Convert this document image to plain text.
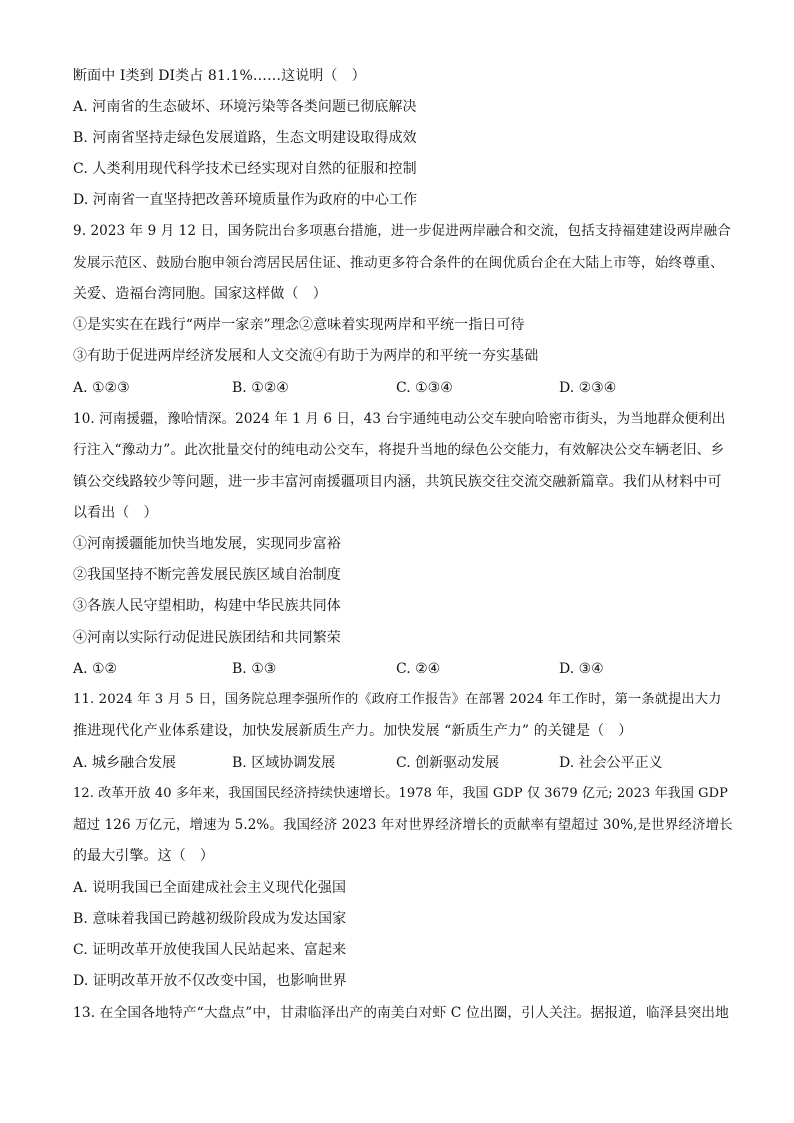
断面中 I类到 DI类占 81.1%……这说明（　）
A. 河南省的生态破坏、环境污染等各类问题已彻底解决
B. 河南省坚持走绿色发展道路，生态文明建设取得成效
C. 人类利用现代科学技术已经实现对自然的征服和控制
D. 河南省一直坚持把改善环境质量作为政府的中心工作
9. 2023 年 9 月 12 日，国务院出台多项惠台措施，进一步促进两岸融合和交流，包括支持福建建设两岸融合
发展示范区、鼓励台胞申领台湾居民居住证、推动更多符合条件的在闽优质台企在大陆上市等，始终尊重、
关爱、造福台湾同胞。国家这样做（　）
①是实实在在践行“两岸一家亲”理念②意味着实现两岸和平统一指日可待
③有助于促进两岸经济发展和人文交流④有助于为两岸的和平统一夯实基础
A. ①②③	B. ①②④	C. ①③④	D. ②③④
10. 河南援疆，豫哈情深。2024 年 1 月 6 日，43 台宇通纯电动公交车驶向哈密市街头，为当地群众便利出
行注入“豫动力”。此次批量交付的纯电动公交车，将提升当地的绿色公交能力，有效解决公交车辆老旧、乡
镇公交线路较少等问题，进一步丰富河南援疆项目内涵，共筑民族交往交流交融新篇章。我们从材料中可
以看出（　）
①河南援疆能加快当地发展，实现同步富裕
②我国坚持不断完善发展民族区域自治制度
③各族人民守望相助，构建中华民族共同体
④河南以实际行动促进民族团结和共同繁荣
A. ①②	B. ①③	C. ②④	D. ③④
11. 2024 年 3 月 5 日，国务院总理李强所作的《政府工作报告》在部署 2024 年工作时，第一条就提出大力
推进现代化产业体系建设，加快发展新质生产力。加快发展 “新质生产力” 的关键是（　）
A. 城乡融合发展	B. 区域协调发展	C. 创新驱动发展	D. 社会公平正义
12. 改革开放 40 多年来，我国国民经济持续快速增长。1978 年，我国 GDP 仅 3679 亿元; 2023 年我国 GDP
超过 126 万亿元，增速为 5.2%。我国经济 2023 年对世界经济增长的贡献率有望超过 30%,是世界经济增长
的最大引擎。这（　）
A. 说明我国已全面建成社会主义现代化强国
B. 意味着我国已跨越初级阶段成为发达国家
C. 证明改革开放使我国人民站起来、富起来
D. 证明改革开放不仅改变中国，也影响世界
13. 在全国各地特产“大盘点”中，甘肃临泽出产的南美白对虾 C 位出圈，引人关注。据报道，临泽县突出地
